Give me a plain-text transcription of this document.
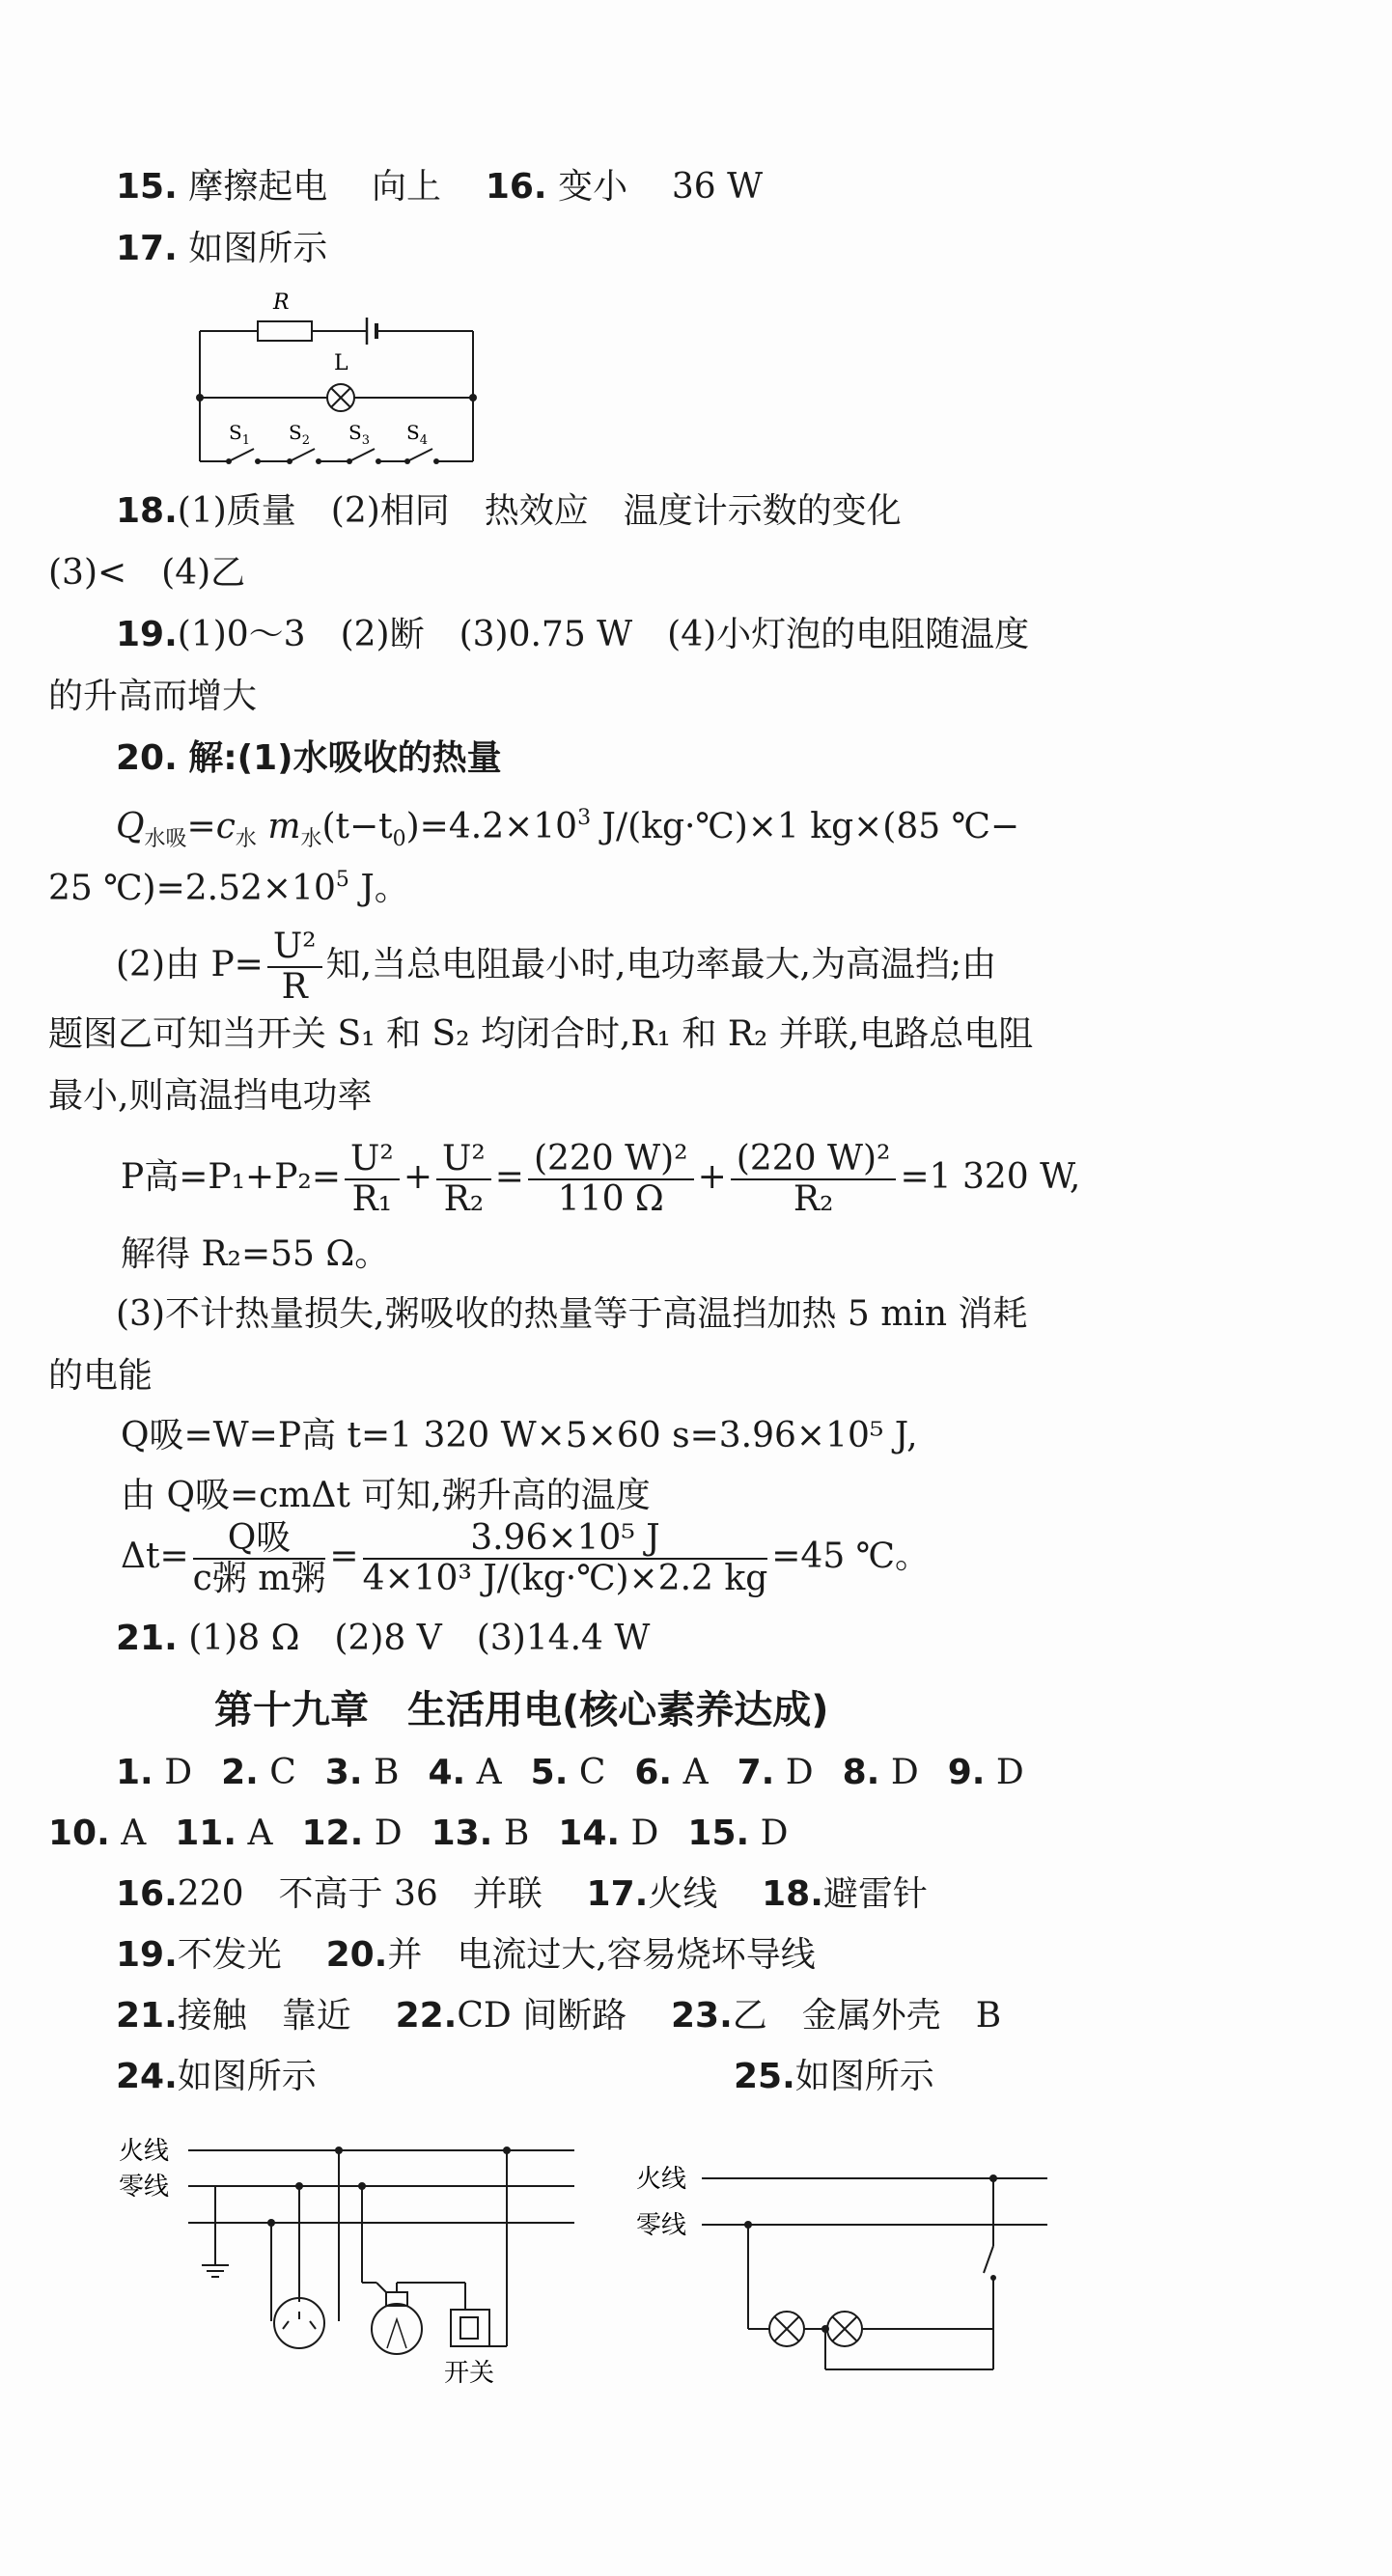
15. 摩擦起电 向上 16. 变小 36 W
17. 如图所示
R
L
$S_1$ $S_2$ $S_3$ $S_4$
18.(1)质量　(2)相同　热效应　温度计示数的变化
(3)<　(4)乙
19.(1)0～3　(2)断　(3)0.75 W　(4)小灯泡的电阻随温度
的升高而增大
20. 解:(1)水吸收的热量
$Q_{水吸}=c_水$ $m_水(t-t_0)=4.2\times 10^3$ J/(kg·℃)×1 kg×(85 ℃−
25 $℃)=2.52\times 10^5$ J。
(2)由 $P= \frac{\text{U²}}{R}$ 知,当总电阻最小时,电功率最大,为高温挡;由
题图乙可知当开关 S₁ 和 S₂ 均闭合时,R₁ 和 R₂ 并联,电路总电阻
最小,则高温挡电功率
P高$=P_1+P_2= \frac{\text{U²}}{\text{R₁}} + \frac{\text{U²}}{\text{R₂}} = \frac{\text{(220 W)²}}{110 \Omega} + \frac{\text{(220 W)²}}{\text{R₂}} =1$ 320 W,
解得 R₂=55 Ω。
(3)不计热量损失,粥吸收的热量等于高温挡加热 5 min 消耗
的电能
Q吸=W=P高 t=1 320 W×5×60 s=3.96×10⁵ J,
由 Q吸=cmΔt 可知,粥升高的温度
$\Delta t= \frac{\text{Q吸}}{\text{c粥 m粥}} = \frac{\text{3.96×10⁵ J}}{\text{4×10³ J/(kg·℃)×2.2 kg}} =45$ ℃。
21. (1)8 Ω　(2)8 V　(3)14.4 W
第十九章　生活用电(核心素养达成)
1. D 2. C 3. B 4. A 5. C 6. A 7. D 8. D 9. D
10. A 11. A 12. D 13. B 14. D 15. D
16.220　不高于 36　并联 17.火线 18.避雷针
19.不发光 20.并　电流过大,容易烧坏导线
21.接触　靠近 22.CD 间断路 23.乙　金属外壳　B
24.如图所示	25.如图所示
火线
零线
开关
火线
零线
